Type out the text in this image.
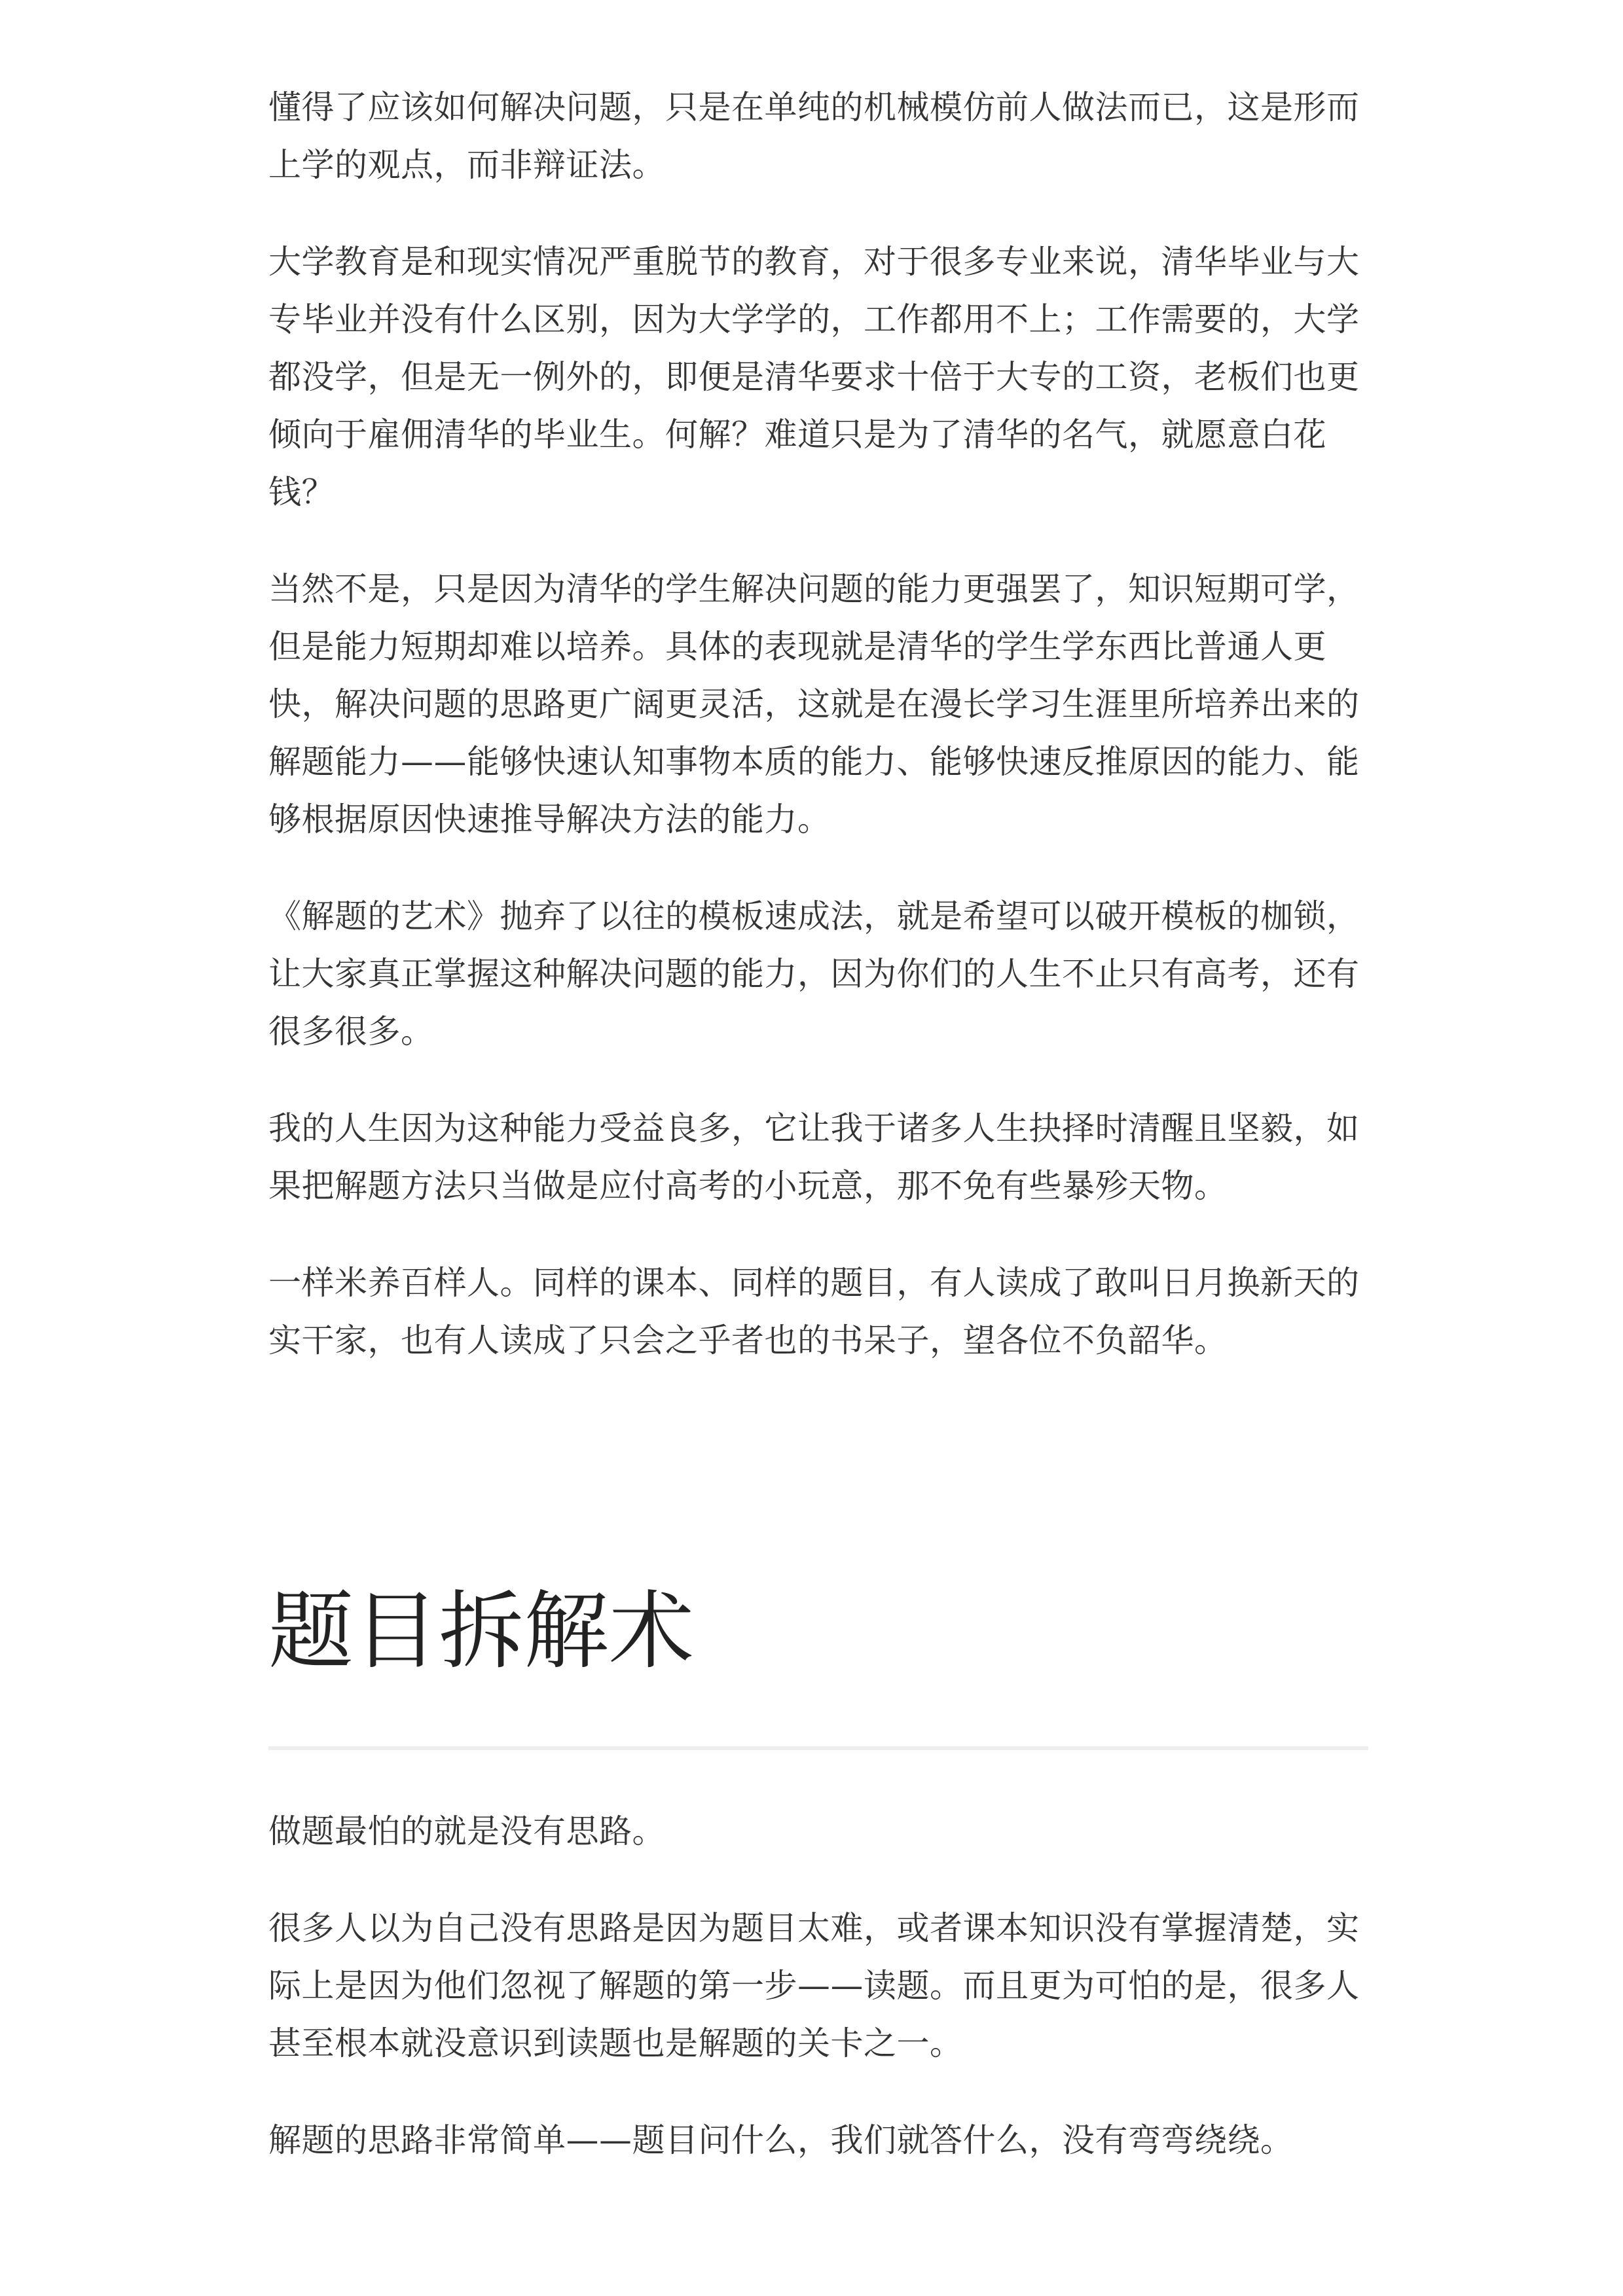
懂得了应该如何解决问题，只是在单纯的机械模仿前人做法而已，这是形而上学的观点，而非辩证法。

大学教育是和现实情况严重脱节的教育，对于很多专业来说，清华毕业与大专毕业并没有什么区别，因为大学学的，工作都用不上；工作需要的，大学都没学，但是无一例外的，即便是清华要求十倍于大专的工资，老板们也更倾向于雇佣清华的毕业生。何解？难道只是为了清华的名气，就愿意白花钱？

当然不是，只是因为清华的学生解决问题的能力更强罢了，知识短期可学，但是能力短期却难以培养。具体的表现就是清华的学生学东西比普通人更快，解决问题的思路更广阔更灵活，这就是在漫长学习生涯里所培养出来的解题能力——能够快速认知事物本质的能力、能够快速反推原因的能力、能够根据原因快速推导解决方法的能力。

《解题的艺术》抛弃了以往的模板速成法，就是希望可以破开模板的枷锁，让大家真正掌握这种解决问题的能力，因为你们的人生不止只有高考，还有很多很多。

我的人生因为这种能力受益良多，它让我于诸多人生抉择时清醒且坚毅，如果把解题方法只当做是应付高考的小玩意，那不免有些暴殄天物。

一样米养百样人。同样的课本、同样的题目，有人读成了敢叫日月换新天的实干家，也有人读成了只会之乎者也的书呆子，望各位不负韶华。

题目拆解术

做题最怕的就是没有思路。

很多人以为自己没有思路是因为题目太难，或者课本知识没有掌握清楚，实际上是因为他们忽视了解题的第一步——读题。而且更为可怕的是，很多人甚至根本就没意识到读题也是解题的关卡之一。

解题的思路非常简单——题目问什么，我们就答什么，没有弯弯绕绕。
